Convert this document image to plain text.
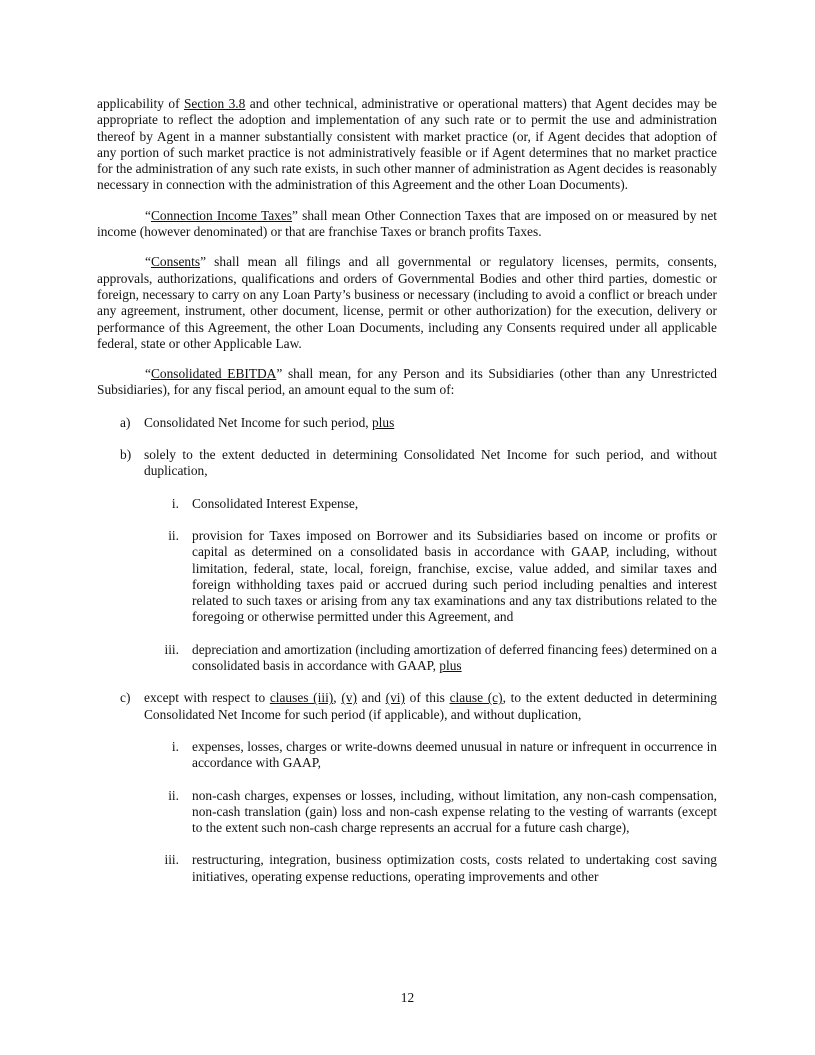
applicability of Section 3.8 and other technical, administrative or operational matters) that Agent decides may be appropriate to reflect the adoption and implementation of any such rate or to permit the use and administration thereof by Agent in a manner substantially consistent with market practice (or, if Agent decides that adoption of any portion of such market practice is not administratively feasible or if Agent determines that no market practice for the administration of any such rate exists, in such other manner of administration as Agent decides is reasonably necessary in connection with the administration of this Agreement and the other Loan Documents).

“Connection Income Taxes” shall mean Other Connection Taxes that are imposed on or measured by net income (however denominated) or that are franchise Taxes or branch profits Taxes.

“Consents” shall mean all filings and all governmental or regulatory licenses, permits, consents, approvals, authorizations, qualifications and orders of Governmental Bodies and other third parties, domestic or foreign, necessary to carry on any Loan Party’s business or necessary (including to avoid a conflict or breach under any agreement, instrument, other document, license, permit or other authorization) for the execution, delivery or performance of this Agreement, the other Loan Documents, including any Consents required under all applicable federal, state or other Applicable Law.

“Consolidated EBITDA” shall mean, for any Person and its Subsidiaries (other than any Unrestricted Subsidiaries), for any fiscal period, an amount equal to the sum of:

a)	Consolidated Net Income for such period, plus
b) solely to the extent deducted in determining Consolidated Net Income for such period, and without duplication,
i. Consolidated Interest Expense,
ii. provision for Taxes imposed on Borrower and its Subsidiaries based on income or profits or capital as determined on a consolidated basis in accordance with GAAP, including, without limitation, federal, state, local, foreign, franchise, excise, value added, and similar taxes and foreign withholding taxes paid or accrued during such period including penalties and interest related to such taxes or arising from any tax examinations and any tax distributions related to the foregoing or otherwise permitted under this Agreement, and
iii. depreciation and amortization (including amortization of deferred financing fees) determined on a consolidated basis in accordance with GAAP, plus
c)	except with respect to clauses (iii), (v) and (vi) of this clause (c), to the extent deducted in determining Consolidated Net Income for such period (if applicable), and without duplication,
i. expenses, losses, charges or write-downs deemed unusual in nature or infrequent in occurrence in accordance with GAAP,
ii. non-cash charges, expenses or losses, including, without limitation, any non-cash compensation, non-cash translation (gain) loss and non-cash expense relating to the vesting of warrants (except to the extent such non-cash charge represents an accrual for a future cash charge),
iii. restructuring, integration, business optimization costs, costs related to undertaking cost saving initiatives, operating expense reductions, operating improvements and other
12
